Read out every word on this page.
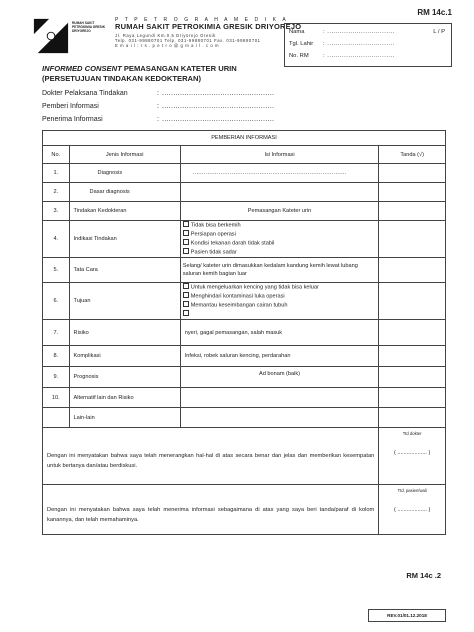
RM 14c.1
RUMAH SAKIT PETROKIMIA GRESIK DRIYOREJO
P T P E T R O G R A H A M E D I K A
RUMAH SAKIT PETROKIMIA GRESIK DRIYOREJO
Jl. Raya Legundi Km.0.5 Driyorejo Gresik
Telp. 031-99880701 Telp. 031-99880701 Fax. 031-99880701
E m a i l : r s . p e t r o @ g m a i l . c o m
Nama	: ................................	L / P
Tgl. Lahir : ................................
No. RM : ................................
INFORMED CONSENT PEMASANGAN KATETER URIN
(PERSETUJUAN TINDAKAN KEDOKTERAN)
Dokter Pelaksana Tindakan	: ..................................................
Pemberi Informasi	: ..................................................
Penerima Informasi	: ..................................................
PEMBERIAN INFORMASI			
No.	Jenis Informasi	Isi Informasi	Tanda (√)
1.	Diagnosis	...................................................................................	
2.	Dasar diagnosis		
3.	Tindakan Kedokteran	Pemasangan Kateter urin	
4.	Indikasi Tindakan	Tidak bisa berkemih
Persiapan operasi
Kondisi tekanan darah tidak stabil
Pasien tidak sadar	

5.	Tata Cara	Selang/ kateter urin dimasukkan kedalam kandung kemih lewat lubang saluran kemih bagian luar	
6.	Tujuan	Untuk mengeluarkan kencing yang tidak bisa keluar
Menghindari kontaminasi luka operasi
Memantau keseimbangan cairan tubuh	

7.	Risiko	nyeri, gagal pemasangan, salah masuk	
8.	Komplikasi	Infeksi, robek saluran kencing, perdarahan	
9.	Prognosis	Ad bonam (baik)	
10.	Alternatif lain dan Risiko		
	Lain-lain		
Dengan ini menyatakan bahwa saya telah menerangkan hal-hal di atas secara benar dan jelas dan memberikan kesempatan untuk bertanya dan/atau berdiskusi.			Ttd dokter
( ................... )

Dengan ini menyatakan bahwa saya telah menerima informasi sebagaimana di atas yang saya beri tanda/paraf di kolom kanannya, dan telah memahaminya.			Ttd. pasien/wali
( ................... )
RM 14c .2
REV.01/01.12.2018
